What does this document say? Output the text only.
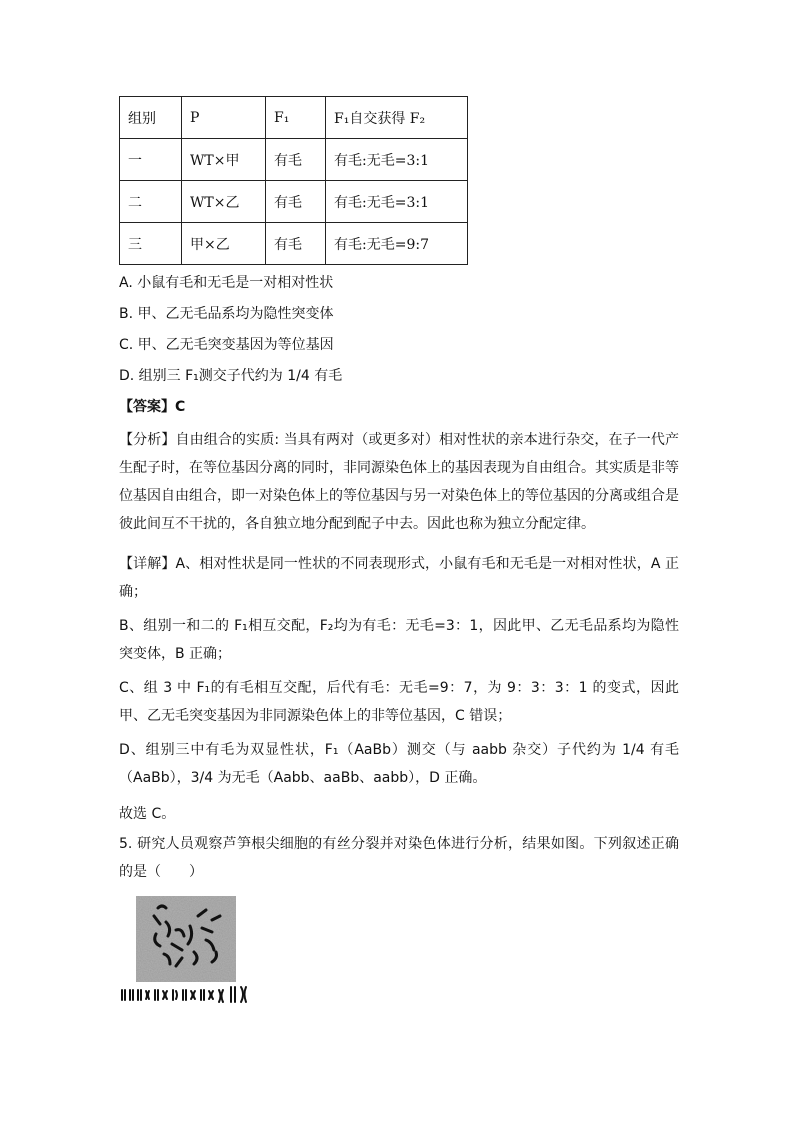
组别	P	F₁	F₁自交获得 F₂
一	WT×甲	有毛	有毛:无毛=3:1
二	WT×乙	有毛	有毛:无毛=3:1
三	甲×乙	有毛	有毛:无毛=9:7
A. 小鼠有毛和无毛是一对相对性状
B. 甲、乙无毛品系均为隐性突变体
C. 甲、乙无毛突变基因为等位基因
D. 组别三 F₁测交子代约为 1/4 有毛
【答案】C
【分析】自由组合的实质: 当具有两对（或更多对）相对性状的亲本进行杂交，在子一代产生配子时，在等位基因分离的同时，非同源染色体上的基因表现为自由组合。其实质是非等位基因自由组合，即一对染色体上的等位基因与另一对染色体上的等位基因的分离或组合是彼此间互不干扰的，各自独立地分配到配子中去。因此也称为独立分配定律。
【详解】A、相对性状是同一性状的不同表现形式，小鼠有毛和无毛是一对相对性状，A 正确；
B、组别一和二的 F₁相互交配，F₂均为有毛：无毛=3：1，因此甲、乙无毛品系均为隐性突变体，B 正确；
C、组 3 中 F₁的有毛相互交配，后代有毛：无毛=9：7，为 9：3：3：1 的变式，因此甲、乙无毛突变基因为非同源染色体上的非等位基因，C 错误；
D、组别三中有毛为双显性状，F₁（AaBb）测交（与 aabb 杂交）子代约为 1/4 有毛（AaBb），3/4 为无毛（Aabb、aaBb、aabb），D 正确。
故选 C。
5. 研究人员观察芦笋根尖细胞的有丝分裂并对染色体进行分析，结果如图。下列叙述正确的是（　　）
